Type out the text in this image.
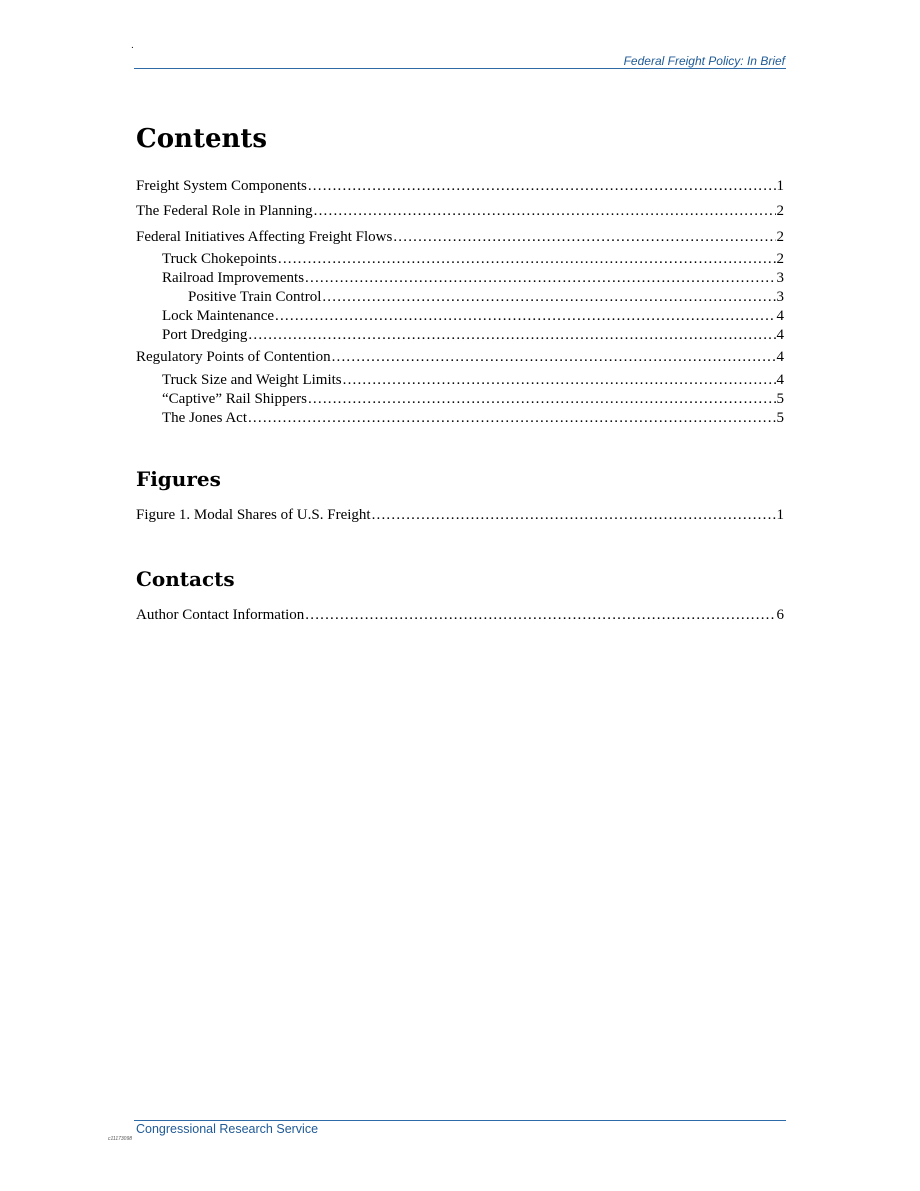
.
Federal Freight Policy: In Brief
Contents
Freight System Components .....	1
The Federal Role in Planning .....	2
Federal Initiatives Affecting Freight Flows .....	2
Truck Chokepoints .....	2
Railroad Improvements .....	3
Positive Train Control .....	3
Lock Maintenance .....	4
Port Dredging .....	4
Regulatory Points of Contention .....	4
Truck Size and Weight Limits .....	4
“Captive” Rail Shippers .....	5
The Jones Act .....	5
Figure 1. Modal Shares of U.S. Freight .....	1
Author Contact Information .....	6
Figures
Contacts
Congressional Research Service
c11173098
